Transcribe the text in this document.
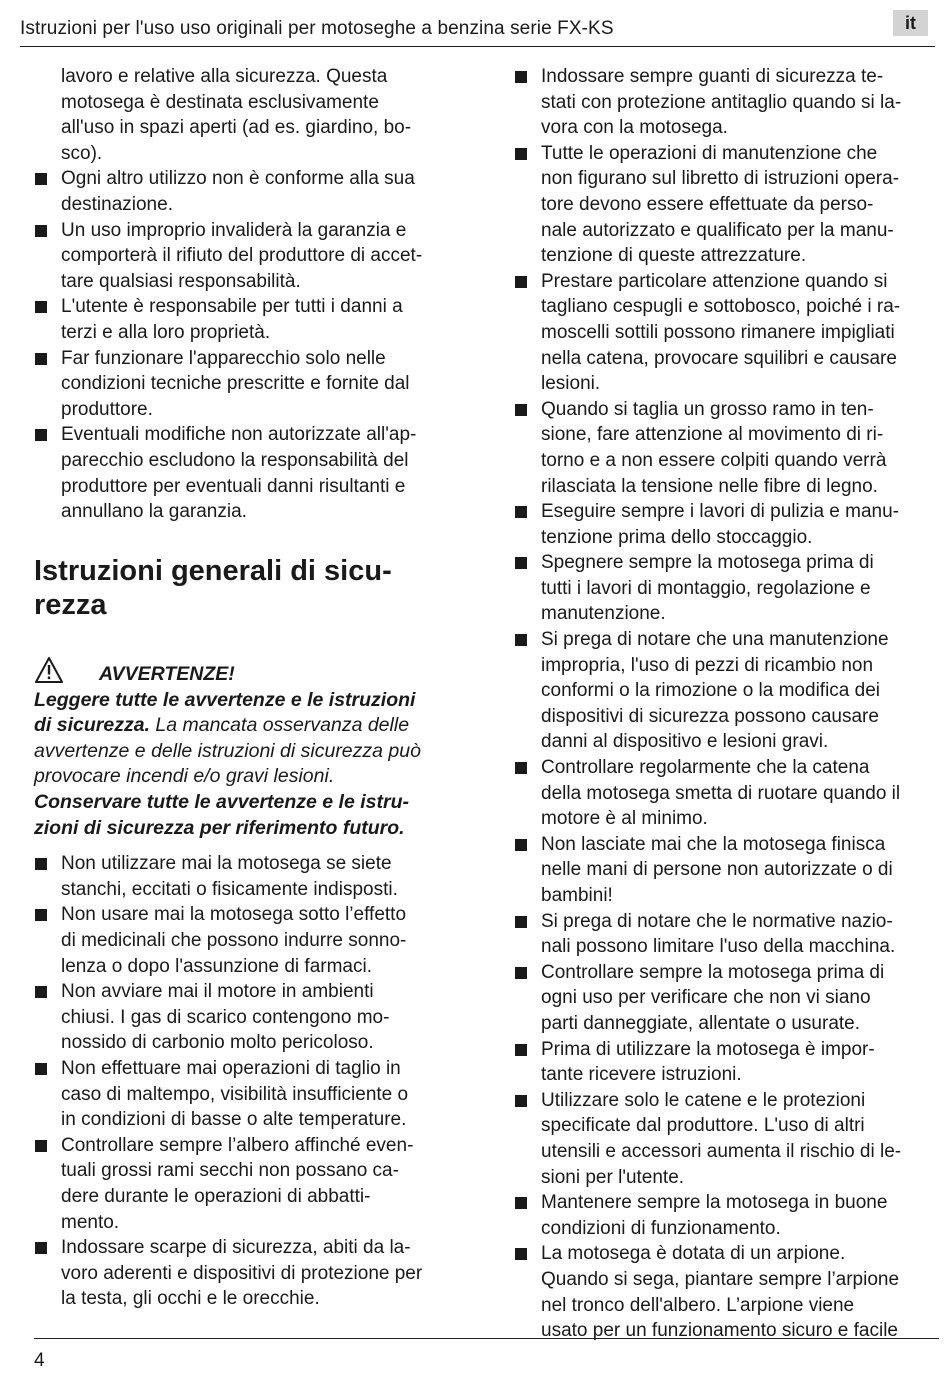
Istruzioni per l'uso uso originali per motoseghe a benzina serie FX-KS	it
lavoro e relative alla sicurezza. Questa
motosega è destinata esclusivamente
all'uso in spazi aperti (ad es. giardino, bo-
sco).
Ogni altro utilizzo non è conforme alla sua
destinazione.
Un uso improprio invaliderà la garanzia e
comporterà il rifiuto del produttore di accet-
tare qualsiasi responsabilità.
L'utente è responsabile per tutti i danni a
terzi e alla loro proprietà.
Far funzionare l'apparecchio solo nelle
condizioni tecniche prescritte e fornite dal
produttore.
Eventuali modifiche non autorizzate all'ap-
parecchio escludono la responsabilità del
produttore per eventuali danni risultanti e
annullano la garanzia.
Istruzioni generali di sicu-
rezza
AVVERTENZE!
Leggere tutte le avvertenze e le istruzioni
di sicurezza. La mancata osservanza delle
avvertenze e delle istruzioni di sicurezza può
provocare incendi e/o gravi lesioni.
Conservare tutte le avvertenze e le istru-
zioni di sicurezza per riferimento futuro.
Non utilizzare mai la motosega se siete
stanchi, eccitati o fisicamente indisposti.
Non usare mai la motosega sotto l’effetto
di medicinali che possono indurre sonno-
lenza o dopo l'assunzione di farmaci.
Non avviare mai il motore in ambienti
chiusi. I gas di scarico contengono mo-
nossido di carbonio molto pericoloso.
Non effettuare mai operazioni di taglio in
caso di maltempo, visibilità insufficiente o
in condizioni di basse o alte temperature.
Controllare sempre l’albero affinché even-
tuali grossi rami secchi non possano ca-
dere durante le operazioni di abbatti-
mento.
Indossare scarpe di sicurezza, abiti da la-
voro aderenti e dispositivi di protezione per
la testa, gli occhi e le orecchie.
Indossare sempre guanti di sicurezza te-
stati con protezione antitaglio quando si la-
vora con la motosega.
Tutte le operazioni di manutenzione che
non figurano sul libretto di istruzioni opera-
tore devono essere effettuate da perso-
nale autorizzato e qualificato per la manu-
tenzione di queste attrezzature.
Prestare particolare attenzione quando si
tagliano cespugli e sottobosco, poiché i ra-
moscelli sottili possono rimanere impigliati
nella catena, provocare squilibri e causare
lesioni.
Quando si taglia un grosso ramo in ten-
sione, fare attenzione al movimento di ri-
torno e a non essere colpiti quando verrà
rilasciata la tensione nelle fibre di legno.
Eseguire sempre i lavori di pulizia e manu-
tenzione prima dello stoccaggio.
Spegnere sempre la motosega prima di
tutti i lavori di montaggio, regolazione e
manutenzione.
Si prega di notare che una manutenzione
impropria, l'uso di pezzi di ricambio non
conformi o la rimozione o la modifica dei
dispositivi di sicurezza possono causare
danni al dispositivo e lesioni gravi.
Controllare regolarmente che la catena
della motosega smetta di ruotare quando il
motore è al minimo.
Non lasciate mai che la motosega finisca
nelle mani di persone non autorizzate o di
bambini!
Si prega di notare che le normative nazio-
nali possono limitare l'uso della macchina.
Controllare sempre la motosega prima di
ogni uso per verificare che non vi siano
parti danneggiate, allentate o usurate.
Prima di utilizzare la motosega è impor-
tante ricevere istruzioni.
Utilizzare solo le catene e le protezioni
specificate dal produttore. L'uso di altri
utensili e accessori aumenta il rischio di le-
sioni per l'utente.
Mantenere sempre la motosega in buone
condizioni di funzionamento.
La motosega è dotata di un arpione.
Quando si sega, piantare sempre l’arpione
nel tronco dell'albero. L’arpione viene
usato per un funzionamento sicuro e facile
4
